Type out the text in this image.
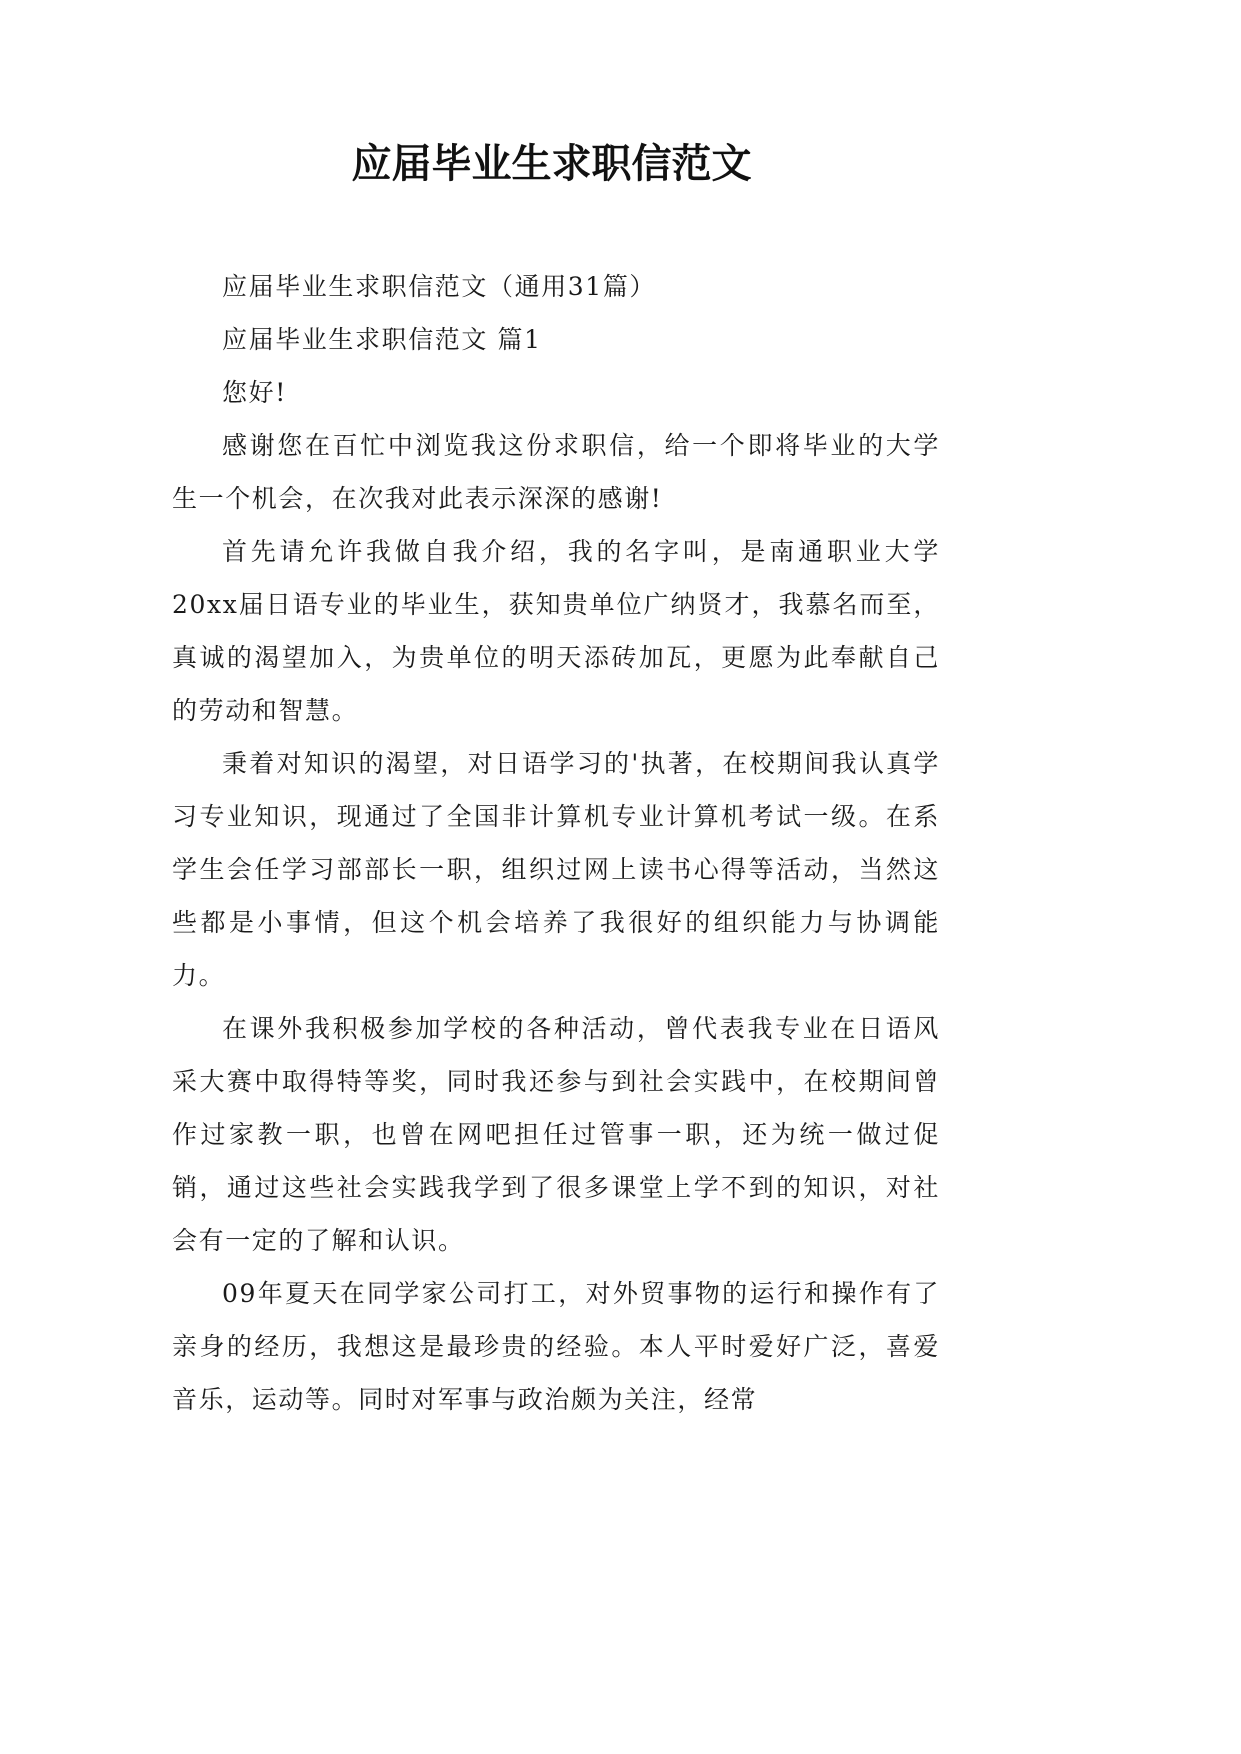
应届毕业生求职信范文

应届毕业生求职信范文（通用31篇）

应届毕业生求职信范文 篇1

您好!

感谢您在百忙中浏览我这份求职信，给一个即将毕业的大学生一个机会，在次我对此表示深深的感谢!

首先请允许我做自我介绍，我的名字叫，是南通职业大学20xx届日语专业的毕业生，获知贵单位广纳贤才，我慕名而至，真诚的渴望加入，为贵单位的明天添砖加瓦，更愿为此奉献自己的劳动和智慧。

秉着对知识的渴望，对日语学习的'执著，在校期间我认真学习专业知识，现通过了全国非计算机专业计算机考试一级。在系学生会任学习部部长一职，组织过网上读书心得等活动，当然这些都是小事情，但这个机会培养了我很好的组织能力与协调能力。

在课外我积极参加学校的各种活动，曾代表我专业在日语风采大赛中取得特等奖，同时我还参与到社会实践中，在校期间曾作过家教一职，也曾在网吧担任过管事一职，还为统一做过促销，通过这些社会实践我学到了很多课堂上学不到的知识，对社会有一定的了解和认识。

09年夏天在同学家公司打工，对外贸事物的运行和操作有了亲身的经历，我想这是最珍贵的经验。本人平时爱好广泛，喜爱音乐，运动等。同时对军事与政治颇为关注，经常
